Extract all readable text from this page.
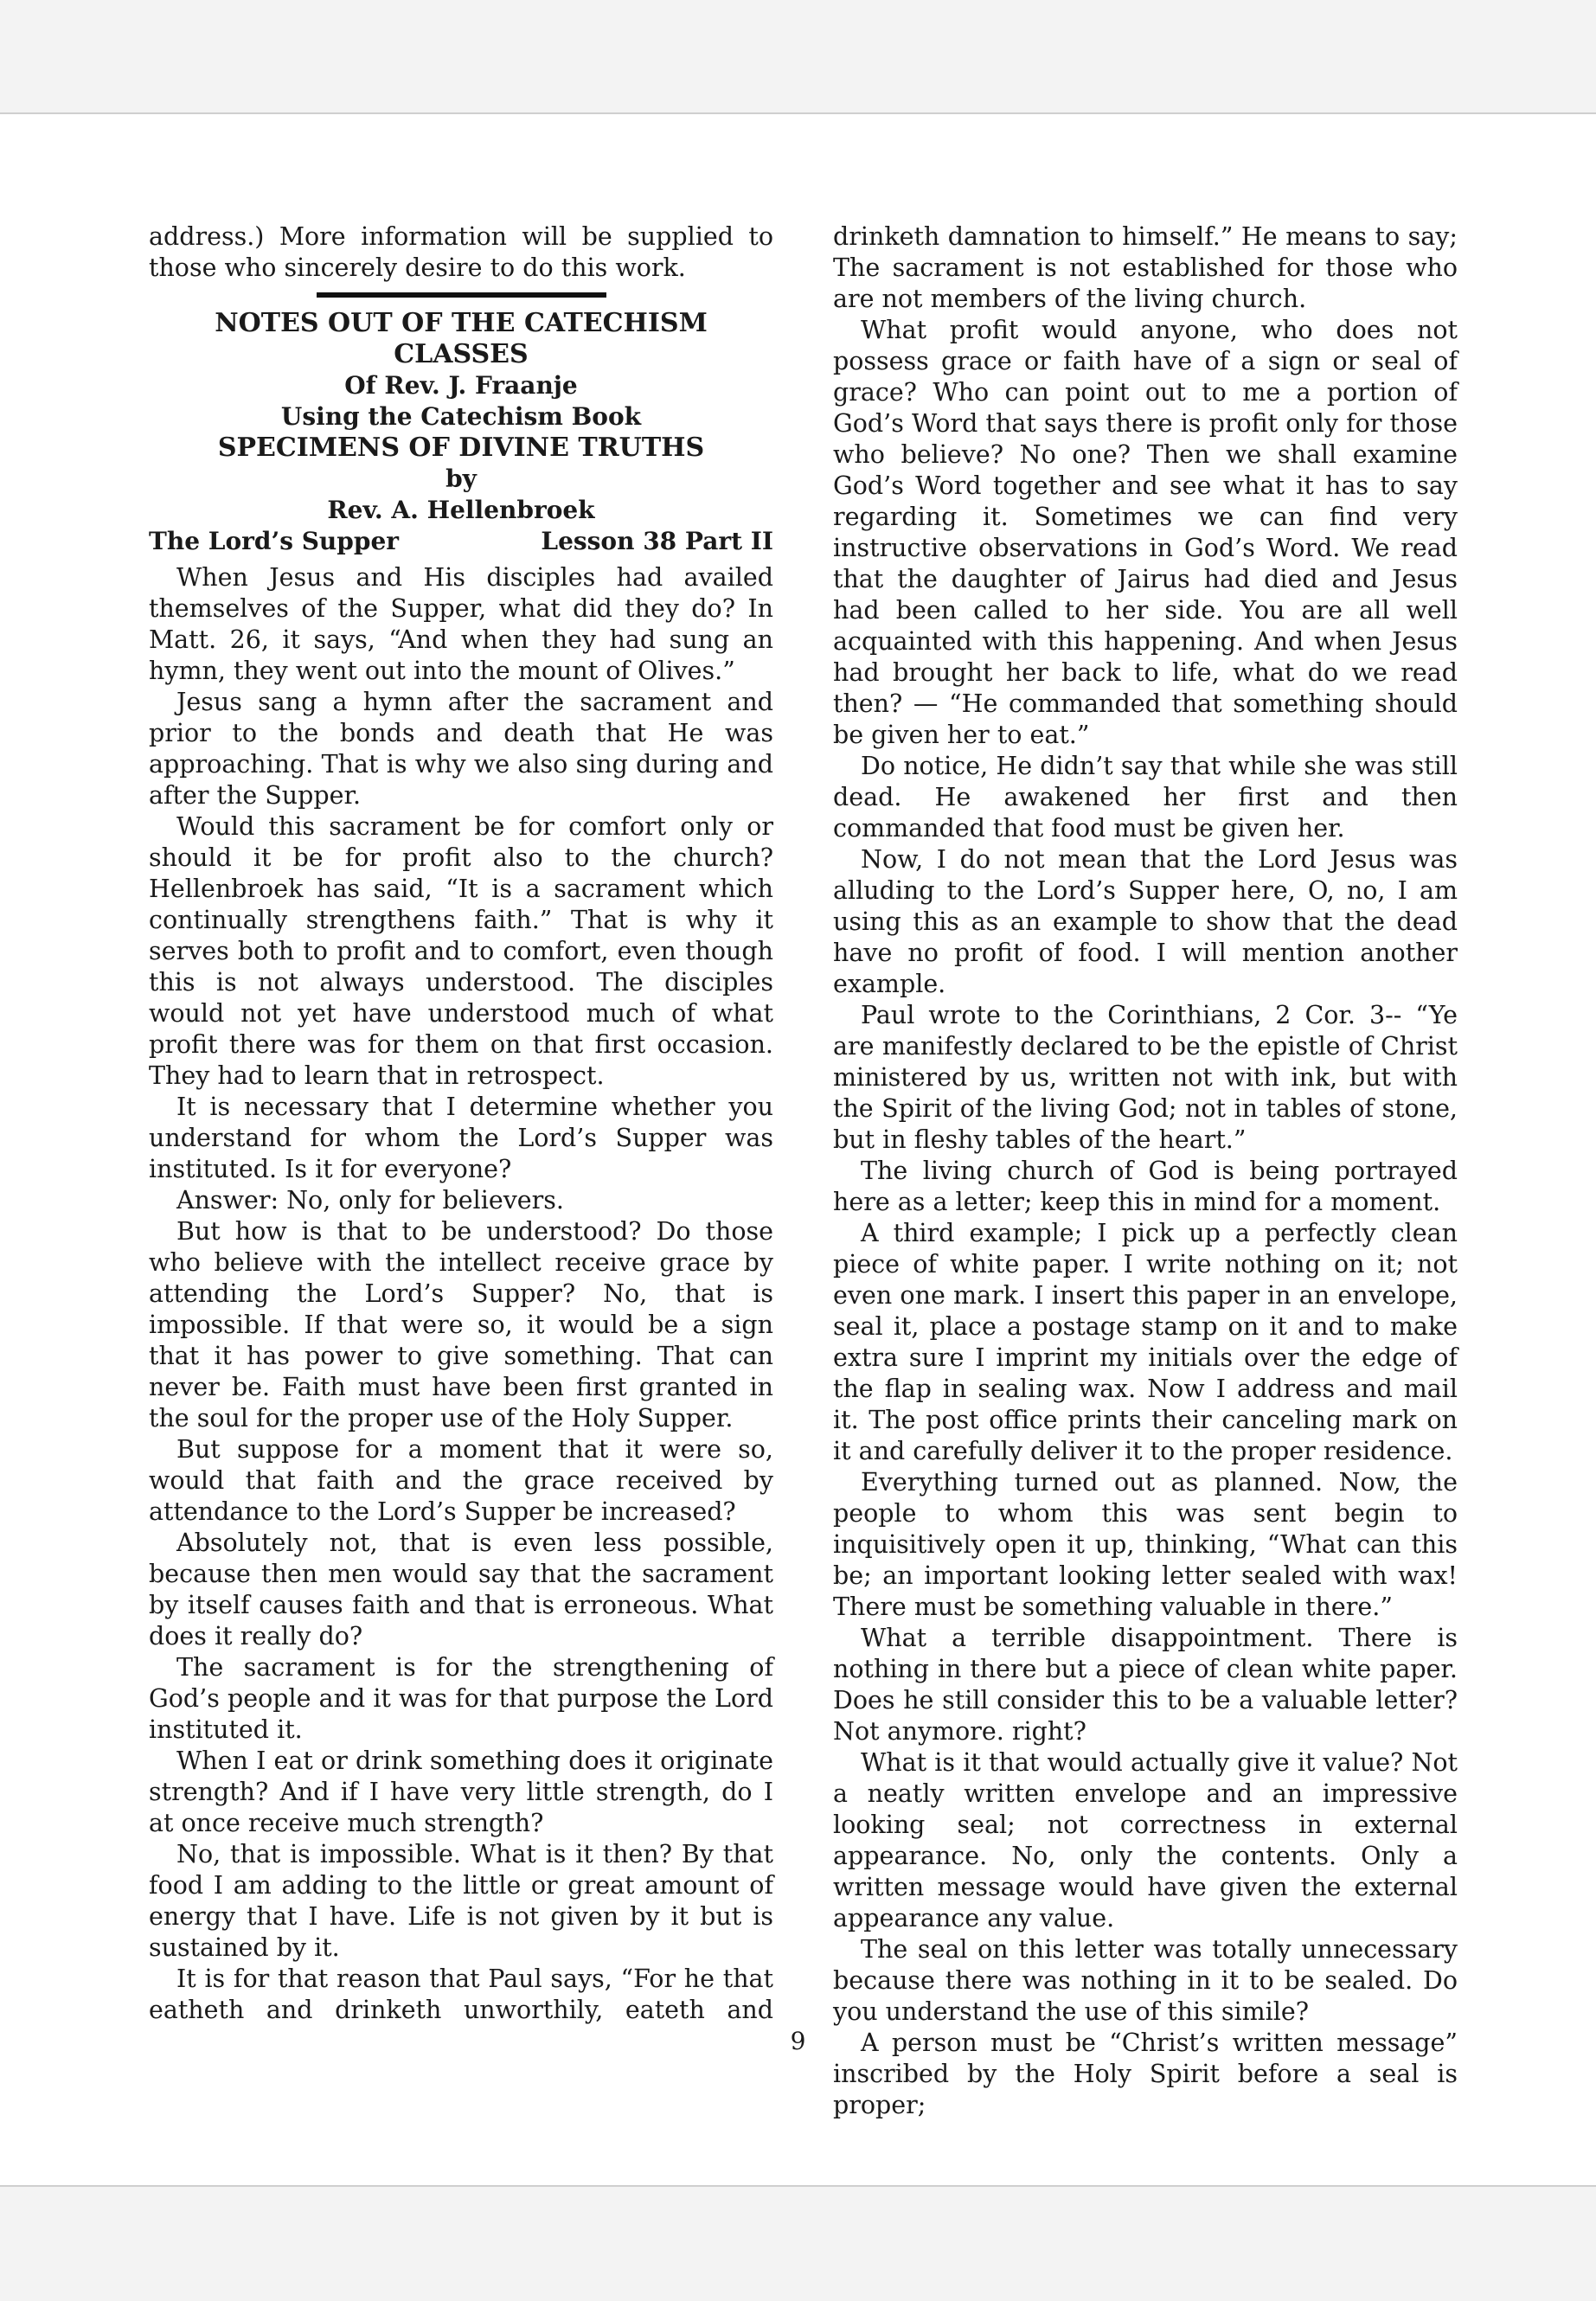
address.) More information will be supplied to those who sincerely desire to do this work.

NOTES OUT OF THE CATECHISM CLASSES
Of Rev. J. Fraanje
Using the Catechism Book
SPECIMENS OF DIVINE TRUTHS
by
Rev. A. Hellenbroek
The Lord’s Supper	Lesson 38 Part II

When Jesus and His disciples had availed themselves of the Supper, what did they do? In Matt. 26, it says, “And when they had sung an hymn, they went out into the mount of Olives.”

Jesus sang a hymn after the sacrament and prior to the bonds and death that He was approaching. That is why we also sing during and after the Supper.

Would this sacrament be for comfort only or should it be for profit also to the church? Hellenbroek has said, “It is a sacrament which continually strengthens faith.” That is why it serves both to profit and to comfort, even though this is not always understood. The disciples would not yet have understood much of what profit there was for them on that first occasion. They had to learn that in retrospect.

It is necessary that I determine whether you understand for whom the Lord’s Supper was instituted. Is it for everyone?

Answer: No, only for believers.

But how is that to be understood? Do those who believe with the intellect receive grace by attending the Lord’s Supper? No, that is impossible. If that were so, it would be a sign that it has power to give something. That can never be. Faith must have been first granted in the soul for the proper use of the Holy Supper.

But suppose for a moment that it were so, would that faith and the grace received by attendance to the Lord’s Supper be increased?

Absolutely not, that is even less possible, because then men would say that the sacrament by itself causes faith and that is erroneous. What does it really do?

The sacrament is for the strengthening of God’s people and it was for that purpose the Lord instituted it.

When I eat or drink something does it originate strength? And if I have very little strength, do I at once receive much strength?

No, that is impossible. What is it then? By that food I am adding to the little or great amount of energy that I have. Life is not given by it but is sustained by it.

It is for that reason that Paul says, “For he that eatheth and drinketh unworthily, eateth and

drinketh damnation to himself.” He means to say; The sacrament is not established for those who are not members of the living church.

What profit would anyone, who does not possess grace or faith have of a sign or seal of grace? Who can point out to me a portion of God’s Word that says there is profit only for those who believe? No one? Then we shall examine God’s Word together and see what it has to say regarding it. Sometimes we can find very instructive observations in God’s Word. We read that the daughter of Jairus had died and Jesus had been called to her side. You are all well acquainted with this happening. And when Jesus had brought her back to life, what do we read then? — “He commanded that something should be given her to eat.”

Do notice, He didn’t say that while she was still dead. He awakened her first and then commanded that food must be given her.

Now, I do not mean that the Lord Jesus was alluding to the Lord’s Supper here, O, no, I am using this as an example to show that the dead have no profit of food. I will mention another example.

Paul wrote to the Corinthians, 2 Cor. 3-- “Ye are manifestly declared to be the epistle of Christ ministered by us, written not with ink, but with the Spirit of the living God; not in tables of stone, but in fleshy tables of the heart.”

The living church of God is being portrayed here as a letter; keep this in mind for a moment.

A third example; I pick up a perfectly clean piece of white paper. I write nothing on it; not even one mark. I insert this paper in an envelope, seal it, place a postage stamp on it and to make extra sure I imprint my initials over the edge of the flap in sealing wax. Now I address and mail it. The post office prints their canceling mark on it and carefully deliver it to the proper residence.

Everything turned out as planned. Now, the people to whom this was sent begin to inquisitively open it up, thinking, “What can this be; an important looking letter sealed with wax! There must be something valuable in there.”

What a terrible disappointment. There is nothing in there but a piece of clean white paper. Does he still consider this to be a valuable letter? Not anymore. right?

What is it that would actually give it value? Not a neatly written envelope and an impressive looking seal; not correctness in external appearance. No, only the contents. Only a written message would have given the external appearance any value.

The seal on this letter was totally unnecessary because there was nothing in it to be sealed. Do you understand the use of this simile?

A person must be “Christ’s written message” inscribed by the Holy Spirit before a seal is proper;

9
